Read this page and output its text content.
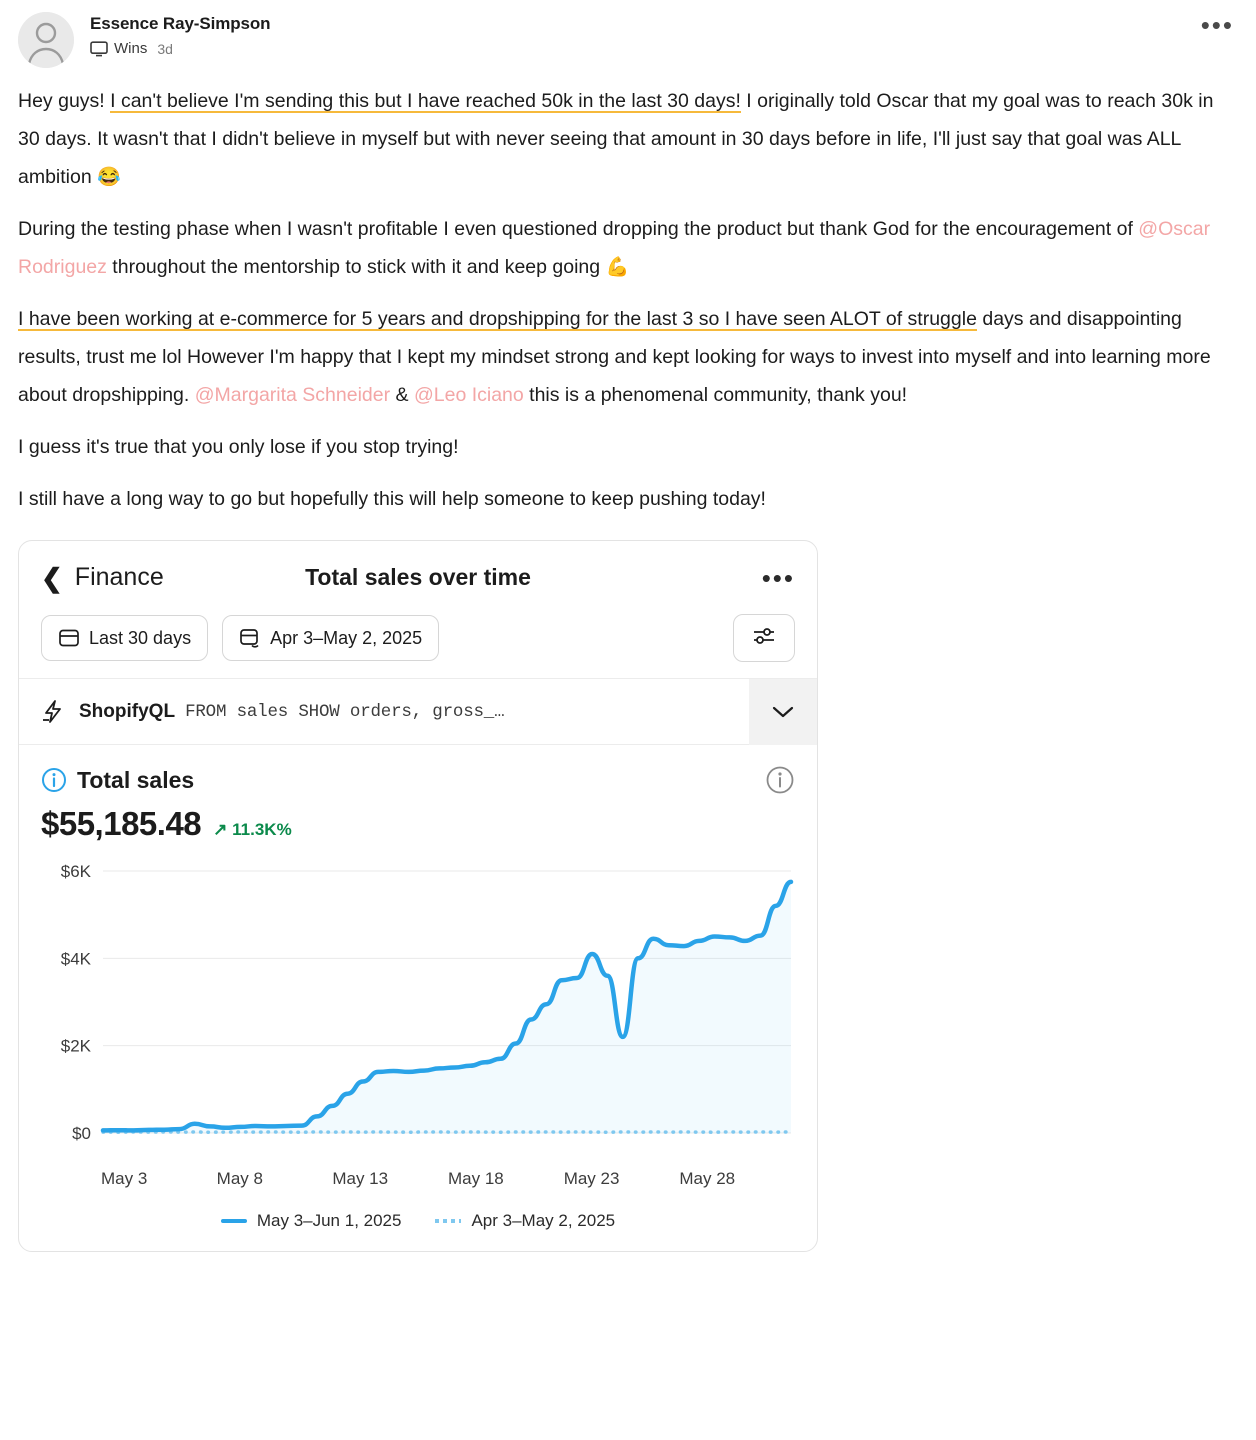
Essence Ray-Simpson
Wins 3d
•••

Hey guys! I can't believe I'm sending this but I have reached 50k in the last 30 days! I originally told Oscar that my goal was to reach 30k in 30 days. It wasn't that I didn't believe in myself but with never seeing that amount in 30 days before in life, I'll just say that goal was ALL ambition 😂

During the testing phase when I wasn't profitable I even questioned dropping the product but thank God for the encouragement of @Oscar Rodriguez throughout the mentorship to stick with it and keep going 💪

I have been working at e-commerce for 5 years and dropshipping for the last 3 so I have seen ALOT of struggle days and disappointing results, trust me lol However I'm happy that I kept my mindset strong and kept looking for ways to invest into myself and into learning more about dropshipping. @Margarita Schneider & @Leo Iciano this is a phenomenal community, thank you!

I guess it's true that you only lose if you stop trying!

I still have a long way to go but hopefully this will help someone to keep pushing today!

❮ Finance	Total sales over time	•••
Last 30 days	Apr 3–May 2, 2025
ShopifyQL FROM sales SHOW orders, gross_…
Total sales
$55,185.48 ↗ 11.3K%
$0
$2K
$4K
$6K
May 3	May 8	May 13	May 18	May 23	May 28
May 3–Jun 1, 2025	Apr 3–May 2, 2025
